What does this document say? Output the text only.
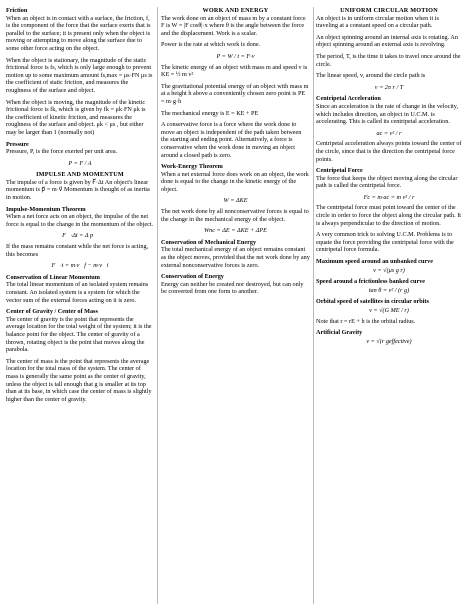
Friction
When an object is in contact with a surface, the friction, f, is the component of the force that the surface exerts that is parallel to the surface; it is present only when the object is moving or attempting to move along the surface due to some other force acting on the object.
When the object is stationary, the magnitude of the static frictional force is fs, which is only large enough to prevent motion up to some maximum amount fs,max = μs·FN μs is the coefficient of static friction, and measures the roughness of the surface and object.
When the object is moving, the magnitude of the kinetic frictional force is fk, which is given by fk = μk·FN μk is the coefficient of kinetic friction, and measures the roughness of the surface and object. μk < μs , but either may be larger than 1 (normally not)
Pressure
Pressure, P, is the force exerted per unit area.
P = F / A
IMPULSE AND MOMENTUM
The impulse of a force is given by F⃗·Δt An object's linear momentum is p⃗ = m·v⃗ Momentum is thought of as inertia in motion.
Impulse-Momentum Theorem
When a net force acts on an object, the impulse of the net force is equal to the change in the momentum of the object.
F⃗·Δt = Δ p⃗
If the mass remains constant while the net force is acting, this becomes
F⃗·t = m·v⃗f − m·v⃗i
Conservation of Linear Momentum
The total linear momentum of an isolated system remains constant. An isolated system is a system for which the vector sum of the external forces acting on it is zero.
Center of Gravity / Center of Mass
The center of gravity is the point that represents the average location for the total weight of the system; it is the balance point for the object. The center of gravity of a thrown, rotating object is the point that moves along the parabola.
The center of mass is the point that represents the average location for the total mass of the system. The center of mass is generally the same point as the center of gravity, unless the object is tall enough that g is smaller at its top than at its base, in which case the center of mass is slightly higher than the center of gravity.
WORK AND ENERGY
The work done on an object of mass m by a constant force F is W = |F cosθ|·x where θ is the angle between the force and the displacement. Work is a scalar.
Power is the rate at which work is done.
P = W / t = F·v
The kinetic energy of an object with mass m and speed v is KE = ½ m v²
The gravitational potential energy of an object with mass m at a height h above a conveniently chosen zero point is PE = m·g·h
The mechanical energy is E = KE + PE
A conservative force is a force where the work done to move an object is independent of the path taken between the starting and ending point. Alternatively, a force is conservative when the work done in moving an object around a closed path is zero.
Work-Energy Theorem
When a net external force does work on an object, the work done is equal to the change in the kinetic energy of the object.
W = ΔKE
The net work done by all nonconservative forces is equal to the change in the mechanical energy of the object.
Wnc = ΔE = ΔKE + ΔPE
Conservation of Mechanical Energy
The total mechanical energy of an object remains constant as the object moves, provided that the net work done by any external nonconservative forces is zero.
Conservation of Energy
Energy can neither be created nor destroyed, but can only be converted from one form to another.
UNIFORM CIRCULAR MOTION
An object is in uniform circular motion when it is traveling at a constant speed on a circular path.
An object spinning around an internal axis is rotating. An object spinning around an external axis is revolving.
The period, T, is the time it takes to travel once around the circle.
The linear speed, v, around the circle path is
v = 2π r / T
Centripetal Acceleration
Since an acceleration is the rate of change in the velocity, which includes direction, an object in U.C.M. is accelerating. This is called its centripetal acceleration.
ac = v² / r
Centripetal acceleration always points toward the center of the circle, since that is the direction the centripetal force points.
Centripetal Force
The force that keeps the object moving along the circular path is called the centripetal force.
Fc = m·ac = m v² / r
The centripetal force must point toward the center of the circle in order to force the object along the circular path. It is always perpendicular to the direction of motion.
A very common trick to solving U.C.M. Problems is to equate the force providing the centripetal force with the centripetal force formula.
Maximum speed around an unbanked curve
v = √(μs g r)
Speed around a frictionless banked curve
tan θ = v² / (r g)
Orbital speed of satellites in circular orbits
v = √(G ME / r)
Note that r = rE + h is the orbital radius.
Artificial Gravity
v = √(r geffective)
